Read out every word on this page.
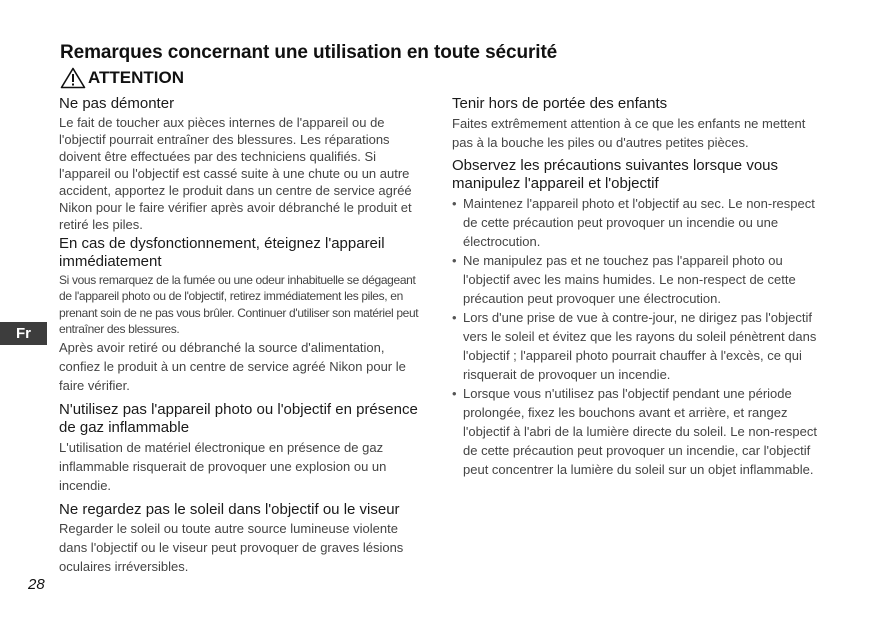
Remarques concernant une utilisation en toute sécurité
ATTENTION
Ne pas démonter

Le fait de toucher aux pièces internes de l'appareil ou de l'objectif pourrait entraîner des blessures. Les réparations doivent être effectuées par des techniciens qualifiés. Si l'appareil ou l'objectif est cassé suite à une chute ou un autre accident, apportez le produit dans un centre de service agréé Nikon pour le faire vérifier après avoir débranché le produit et retiré les piles.

En cas de dysfonctionnement, éteignez l'appareil immédiatement

Si vous remarquez de la fumée ou une odeur inhabituelle se dégageant de l'appareil photo ou de l'objectif, retirez immédiatement les piles, en prenant soin de ne pas vous brûler. Continuer d'utiliser son matériel peut entraîner des blessures.

Après avoir retiré ou débranché la source d'alimentation, confiez le produit à un centre de service agréé Nikon pour le faire vérifier.

N'utilisez pas l'appareil photo ou l'objectif en présence de gaz inflammable

L'utilisation de matériel électronique en présence de gaz inflammable risquerait de provoquer une explosion ou un incendie.

Ne regardez pas le soleil dans l'objectif ou le viseur

Regarder le soleil ou toute autre source lumineuse violente dans l'objectif ou le viseur peut provoquer de graves lésions oculaires irréversibles.

Tenir hors de portée des enfants

Faites extrêmement attention à ce que les enfants ne mettent pas à la bouche les piles ou d'autres petites pièces.

Observez les précautions suivantes lorsque vous manipulez l'appareil et l'objectif
• Maintenez l'appareil photo et l'objectif au sec. Le non-respect de cette précaution peut provoquer un incendie ou une électrocution.
• Ne manipulez pas et ne touchez pas l'appareil photo ou l'objectif avec les mains humides. Le non-respect de cette précaution peut provoquer une électrocution.
• Lors d'une prise de vue à contre-jour, ne dirigez pas l'objectif vers le soleil et évitez que les rayons du soleil pénètrent dans l'objectif ; l'appareil photo pourrait chauffer à l'excès, ce qui risquerait de provoquer un incendie.
• Lorsque vous n'utilisez pas l'objectif pendant une période prolongée, fixez les bouchons avant et arrière, et rangez l'objectif à l'abri de la lumière directe du soleil. Le non-respect de cette précaution peut provoquer un incendie, car l'objectif peut concentrer la lumière du soleil sur un objet inflammable.
Fr
28
